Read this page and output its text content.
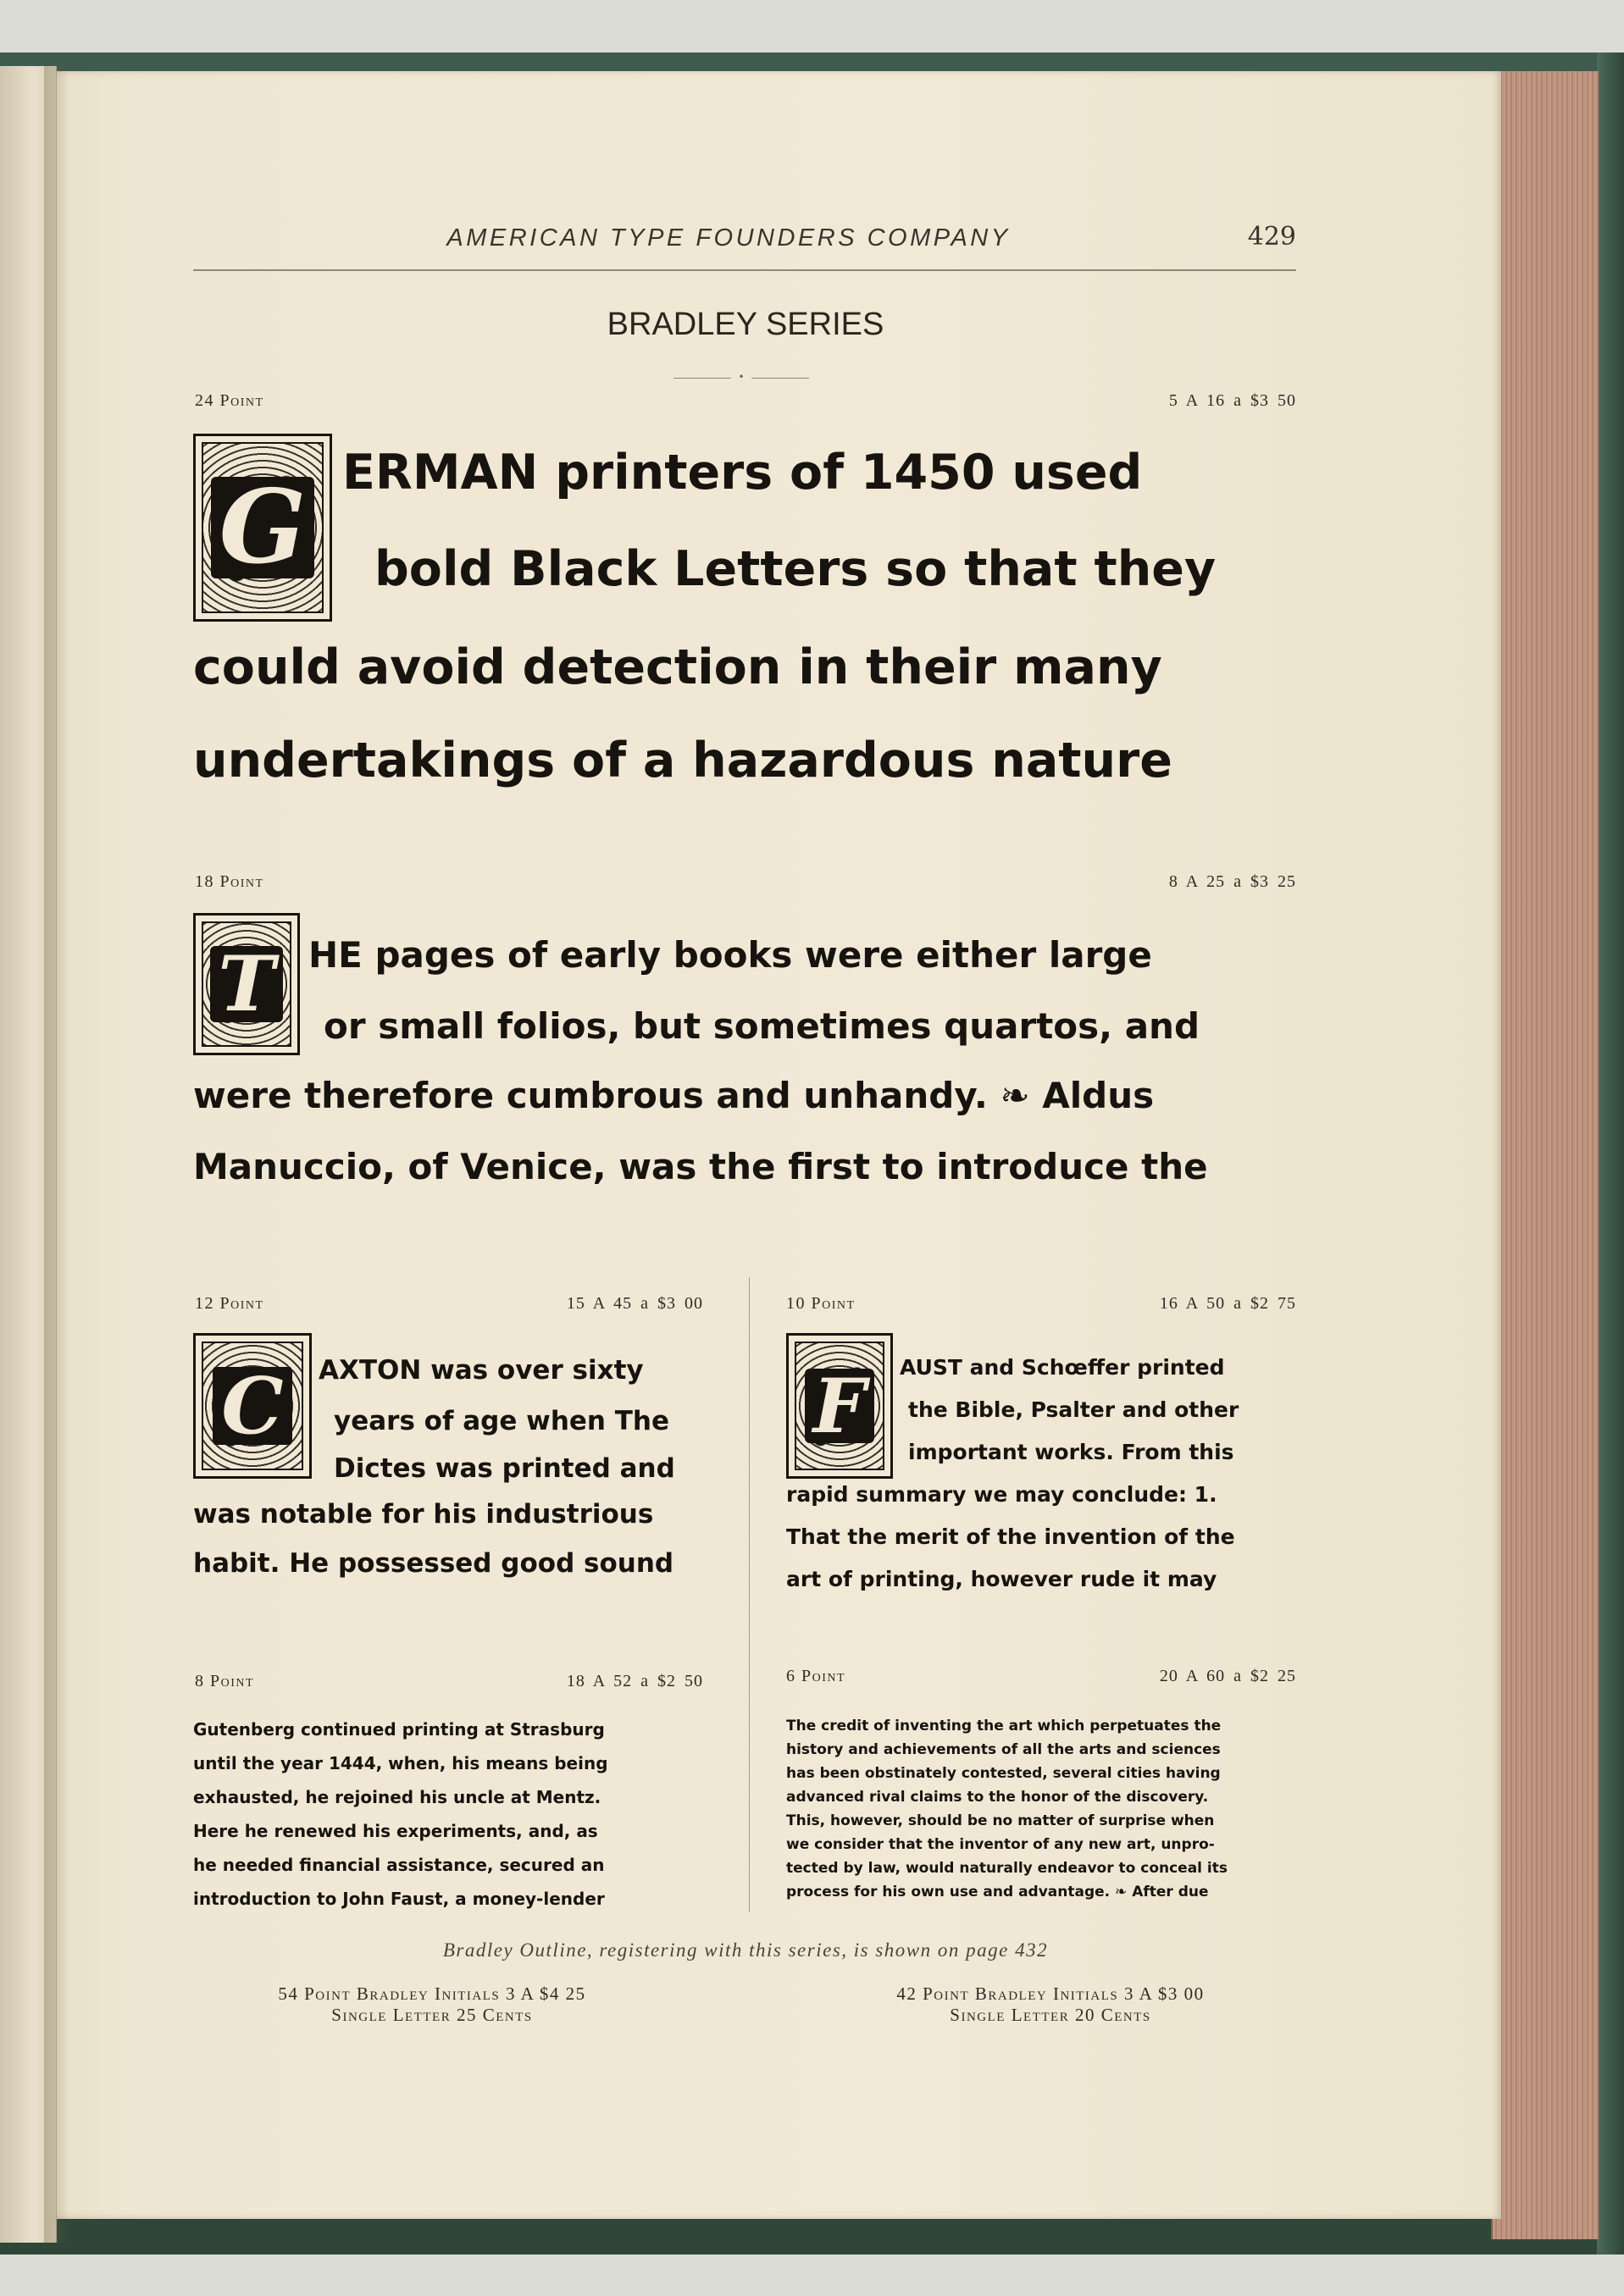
AMERICAN TYPE FOUNDERS COMPANY	429
BRADLEY SERIES
•
24 Point	5 A 16 a $3 50
G ERMAN printers of 1450 used
bold Black Letters so that they
could avoid detection in their many
undertakings of a hazardous nature
18 Point	8 A 25 a $3 25
T HE pages of early books were either large
or small folios, but sometimes quartos, and
were therefore cumbrous and unhandy. ❧ Aldus
Manuccio, of Venice, was the first to introduce the
12 Point	15 A 45 a $3 00
C	AXTON was over sixty
years of age when The
Dictes was printed and
was notable for his industrious
habit. He possessed good sound
10 Point	16 A 50 a $2 75
F	AUST and Schœffer printed
the Bible, Psalter and other
important works. From this
rapid summary we may conclude: 1.
That the merit of the invention of the
art of printing, however rude it may
8 Point	18 A 52 a $2 50
Gutenberg continued printing at Strasburg
until the year 1444, when, his means being
exhausted, he rejoined his uncle at Mentz.
Here he renewed his experiments, and, as
he needed financial assistance, secured an
introduction to John Faust, a money-lender
6 Point	20 A 60 a $2 25
The credit of inventing the art which perpetuates the
history and achievements of all the arts and sciences
has been obstinately contested, several cities having
advanced rival claims to the honor of the discovery.
This, however, should be no matter of surprise when
we consider that the inventor of any new art, unpro-
tected by law, would naturally endeavor to conceal its
process for his own use and advantage. ❧ After due
Bradley Outline, registering with this series, is shown on page 432
54 Point Bradley Initials 3 A $4 25
Single Letter 25 Cents
42 Point Bradley Initials 3 A $3 00
Single Letter 20 Cents
